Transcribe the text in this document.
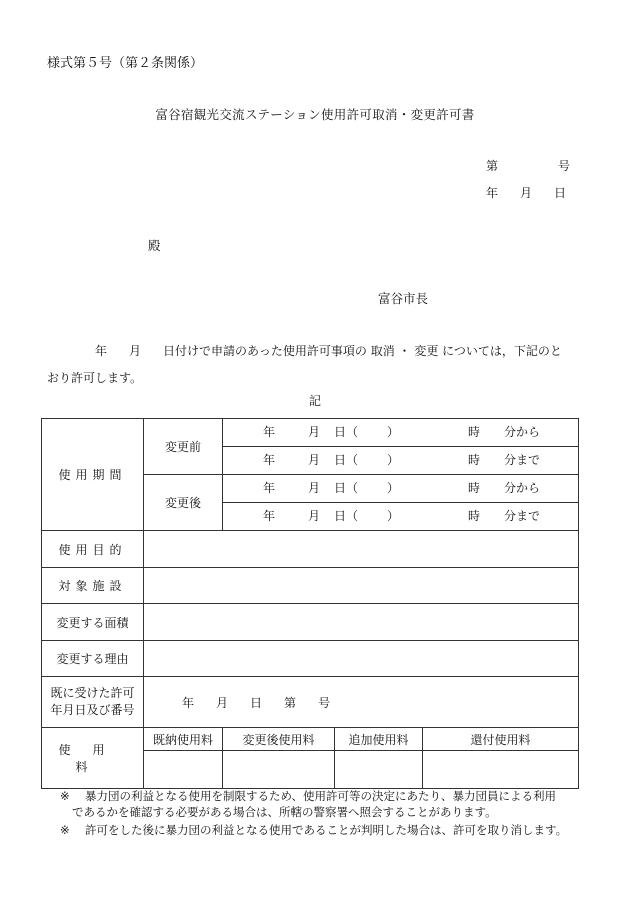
様式第５号（第２条関係）
富谷宿観光交流ステーション使用許可取消・変更許可書
第	号
年 月 日
殿
富谷市長
年 月 日付けで申請のあった使用許可事項の 取消 ・ 変更 については，下記のと
おり許可します。
記
使用期間	変更前	年 月 日（ ） 時 分から		

		年 月 日（ ） 時 分まで		

	変更後	年 月 日（ ） 時 分から		

		年 月 日（ ） 時 分まで		

使用目的				
対象施設				
変更する面積				
変更する理由				

既に受けた許可
年月日及び番号	年 月 日 第 号			
使用料	既納使用料	変更後使用料	追加使用料	還付使用料

※ 暴力団の利益となる使用を制限するため、使用許可等の決定にあたり、暴力団員による利用
であるかを確認する必要がある場合は、所轄の警察署へ照会することがあります。
※ 許可をした後に暴力団の利益となる使用であることが判明した場合は、許可を取り消します。
